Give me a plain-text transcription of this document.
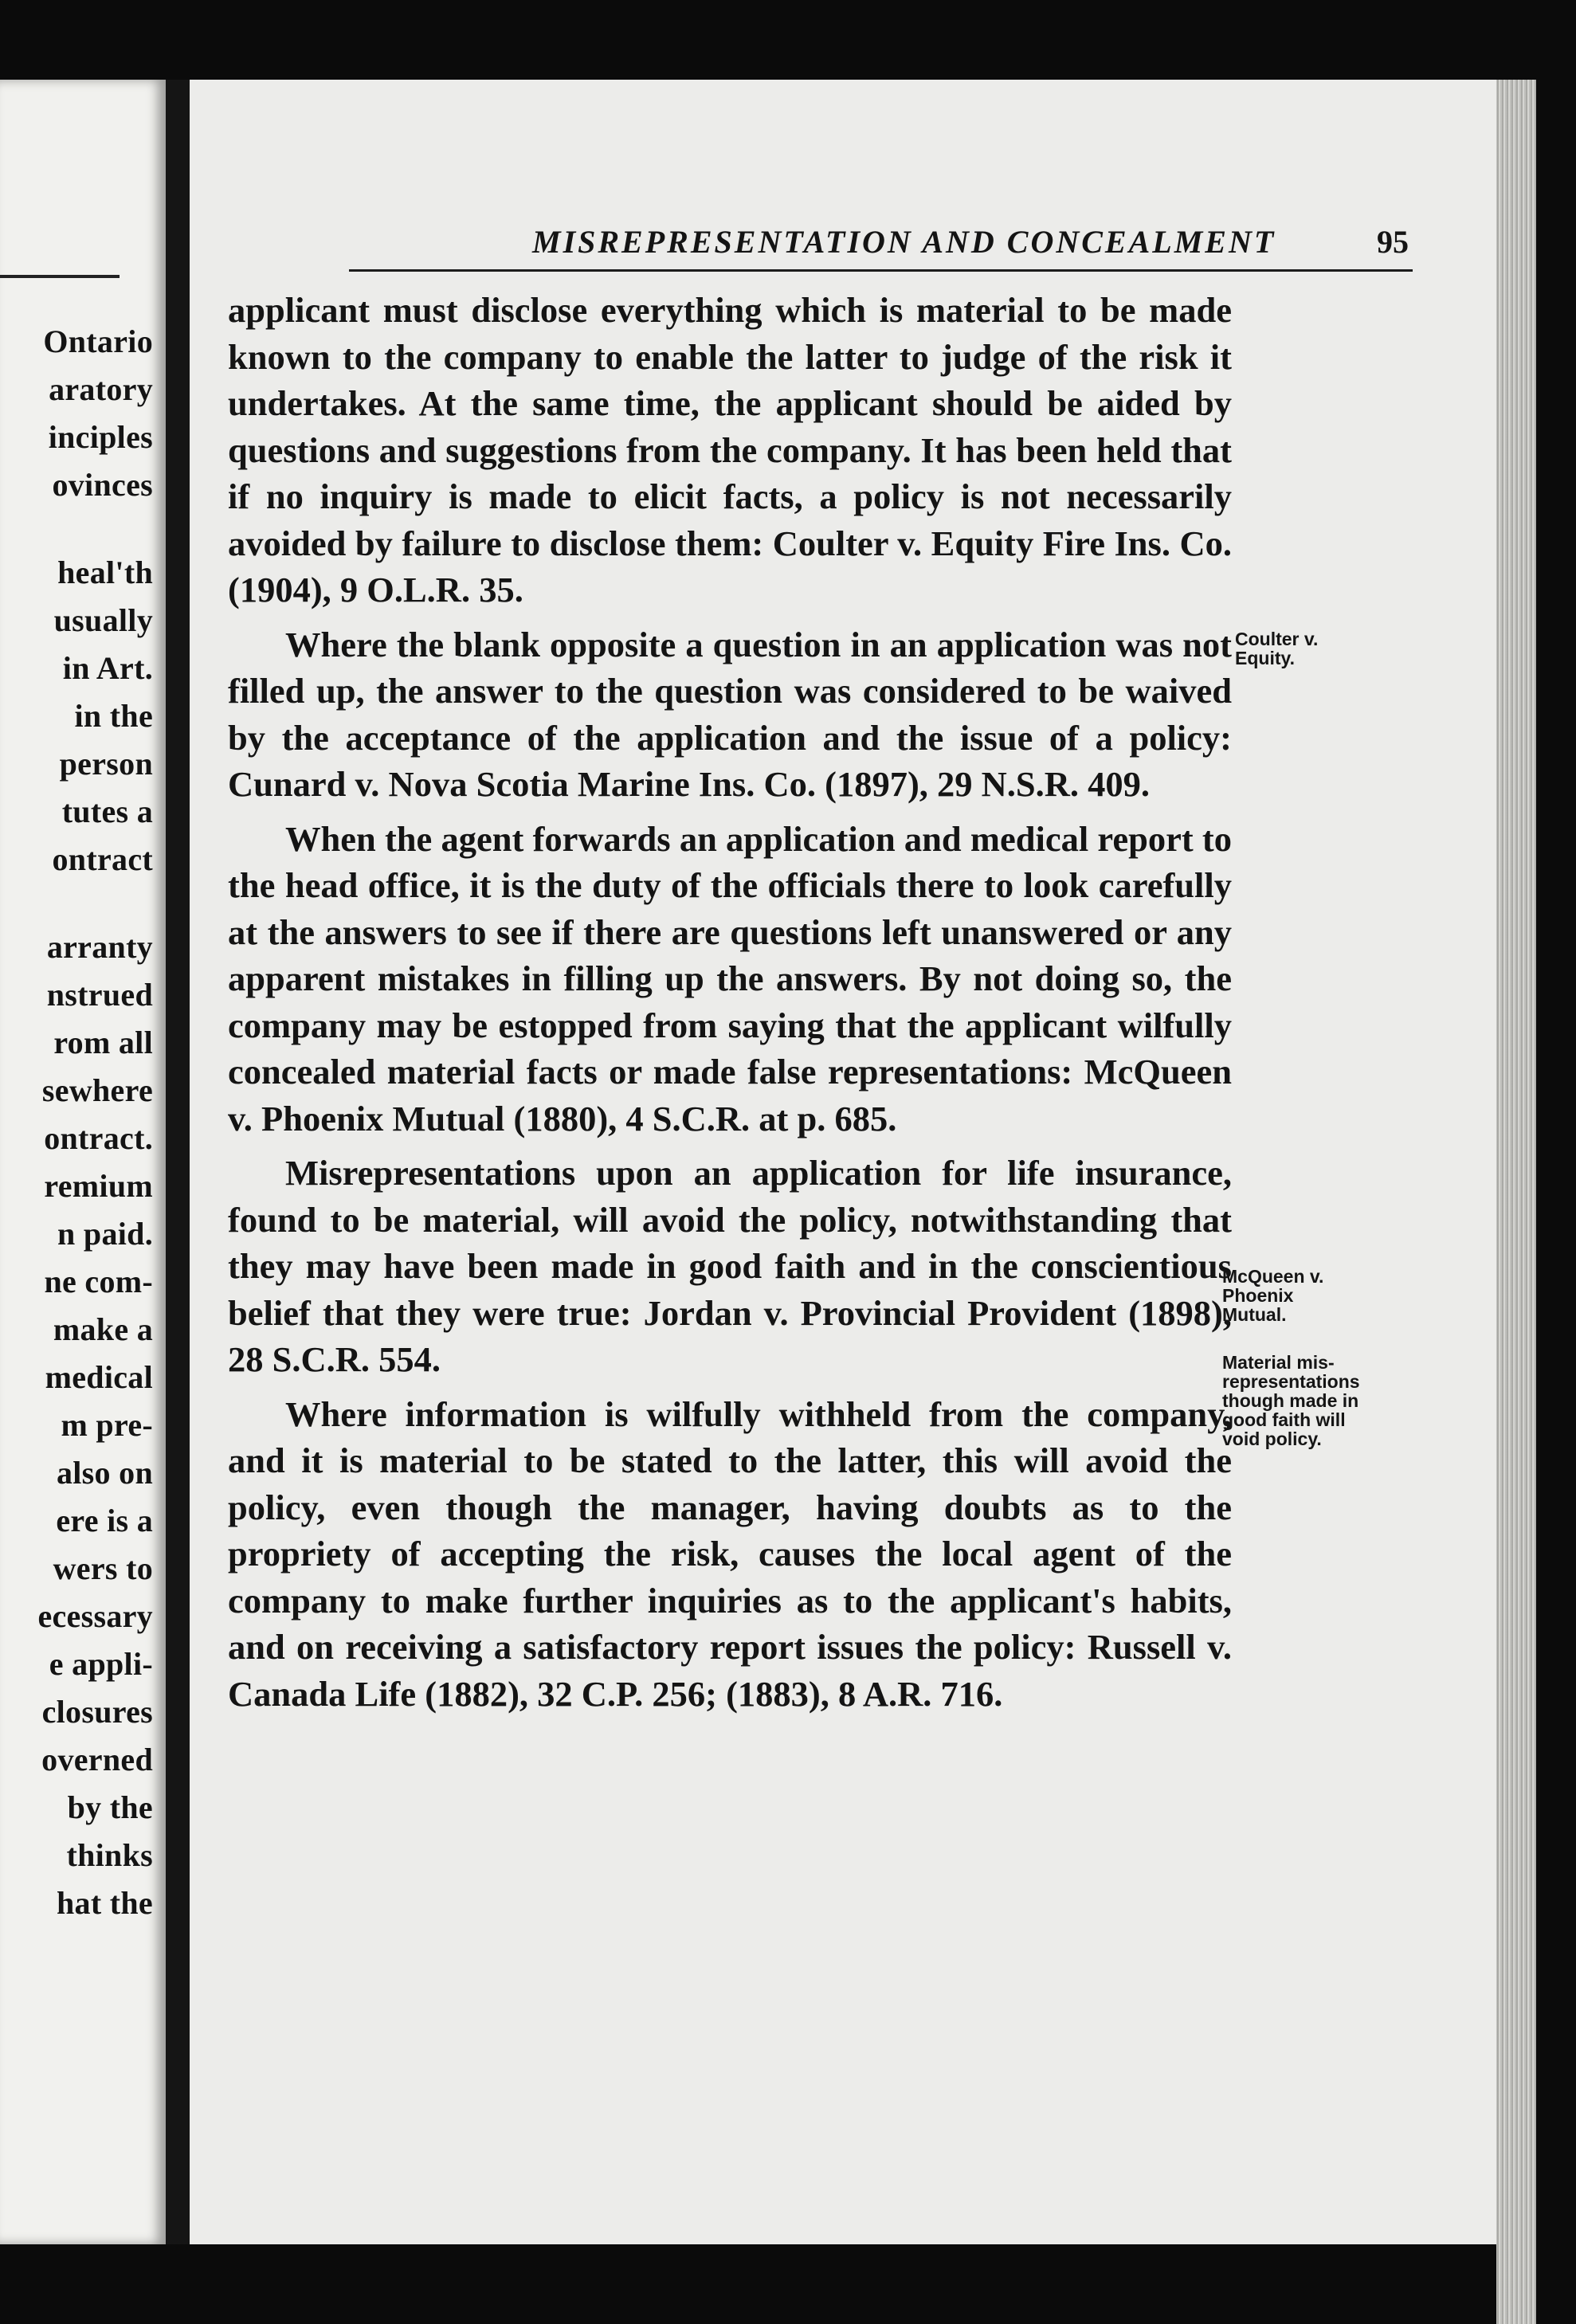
Ontario
aratory
inciples
ovinces
heal'th
usually
in Art.
in the
person
tutes a
ontract
arranty
nstrued
rom all
sewhere
ontract.
remium
n paid.
ne com-
make a
medical
m pre-
also on
ere is a
wers to
ecessary
e appli-
closures
overned
by the
thinks
hat the
MISREPRESENTATION AND CONCEALMENT	95

applicant must disclose everything which is material to be made known to the company to enable the latter to judge of the risk it undertakes. At the same time, the applicant should be aided by questions and suggestions from the company. It has been held that if no inquiry is made to elicit facts, a policy is not necessarily avoided by failure to disclose them: Coulter v. Equity Fire Ins. Co. (1904), 9 O.L.R. 35.

Where the blank opposite a question in an application was not filled up, the answer to the question was considered to be waived by the acceptance of the application and the issue of a policy: Cunard v. Nova Scotia Marine Ins. Co. (1897), 29 N.S.R. 409.

When the agent forwards an application and medical report to the head office, it is the duty of the officials there to look carefully at the answers to see if there are questions left unanswered or any apparent mistakes in filling up the answers. By not doing so, the company may be estopped from saying that the applicant wilfully concealed material facts or made false representations: McQueen v. Phoenix Mutual (1880), 4 S.C.R. at p. 685.

Misrepresentations upon an application for life insurance, found to be material, will avoid the policy, notwithstanding that they may have been made in good faith and in the conscientious belief that they were true: Jordan v. Provincial Provident (1898), 28 S.C.R. 554.

Where information is wilfully withheld from the company, and it is material to be stated to the latter, this will avoid the policy, even though the manager, having doubts as to the propriety of accepting the risk, causes the local agent of the company to make further inquiries as to the applicant's habits, and on receiving a satisfactory report issues the policy: Russell v. Canada Life (1882), 32 C.P. 256; (1883), 8 A.R. 716.

Coulter v.
Equity.
McQueen v.
Phoenix
Mutual.
Material mis-
representations
though made in
good faith will
void policy.
